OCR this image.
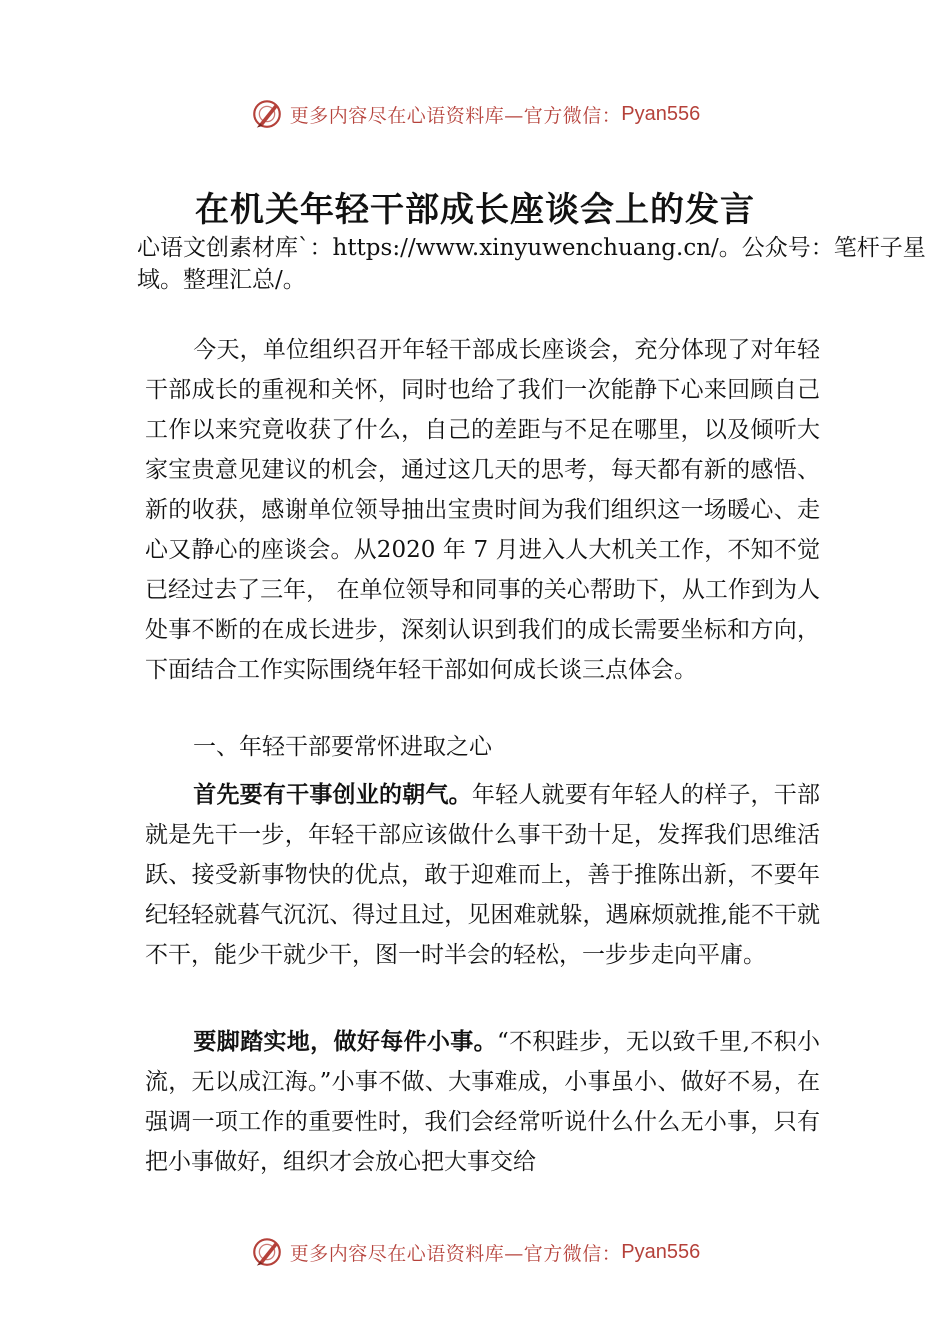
更多内容尽在心语资料库—官方微信： Pyan556
在机关年轻干部成长座谈会上的发言
心语文创素材库`：https://www.xinyuwenchuang.cn/。公众号：笔杆子星域。整理汇总/。

今天，单位组织召开年轻干部成长座谈会，充分体现了对年轻干部成长的重视和关怀，同时也给了我们一次能静下心来回顾自己工作以来究竟收获了什么，自己的差距与不足在哪里，以及倾听大家宝贵意见建议的机会，通过这几天的思考，每天都有新的感悟、新的收获，感谢单位领导抽出宝贵时间为我们组织这一场暖心、走心又静心的座谈会。从2020 年 7 月进入人大机关工作，不知不觉已经过去了三年， 在单位领导和同事的关心帮助下，从工作到为人处事不断的在成长进步，深刻认识到我们的成长需要坐标和方向，下面结合工作实际围绕年轻干部如何成长谈三点体会。

一、年轻干部要常怀进取之心

首先要有干事创业的朝气。年轻人就要有年轻人的样子，干部就是先干一步，年轻干部应该做什么事干劲十足，发挥我们思维活跃、接受新事物快的优点，敢于迎难而上，善于推陈出新，不要年纪轻轻就暮气沉沉、得过且过，见困难就躲，遇麻烦就推,能不干就不干，能少干就少干，图一时半会的轻松，一步步走向平庸。

要脚踏实地，做好每件小事。“不积跬步，无以致千里,不积小流，无以成江海。”小事不做、大事难成，小事虽小、做好不易，在强调一项工作的重要性时，我们会经常听说什么什么无小事，只有把小事做好，组织才会放心把大事交给

更多内容尽在心语资料库—官方微信： Pyan556
